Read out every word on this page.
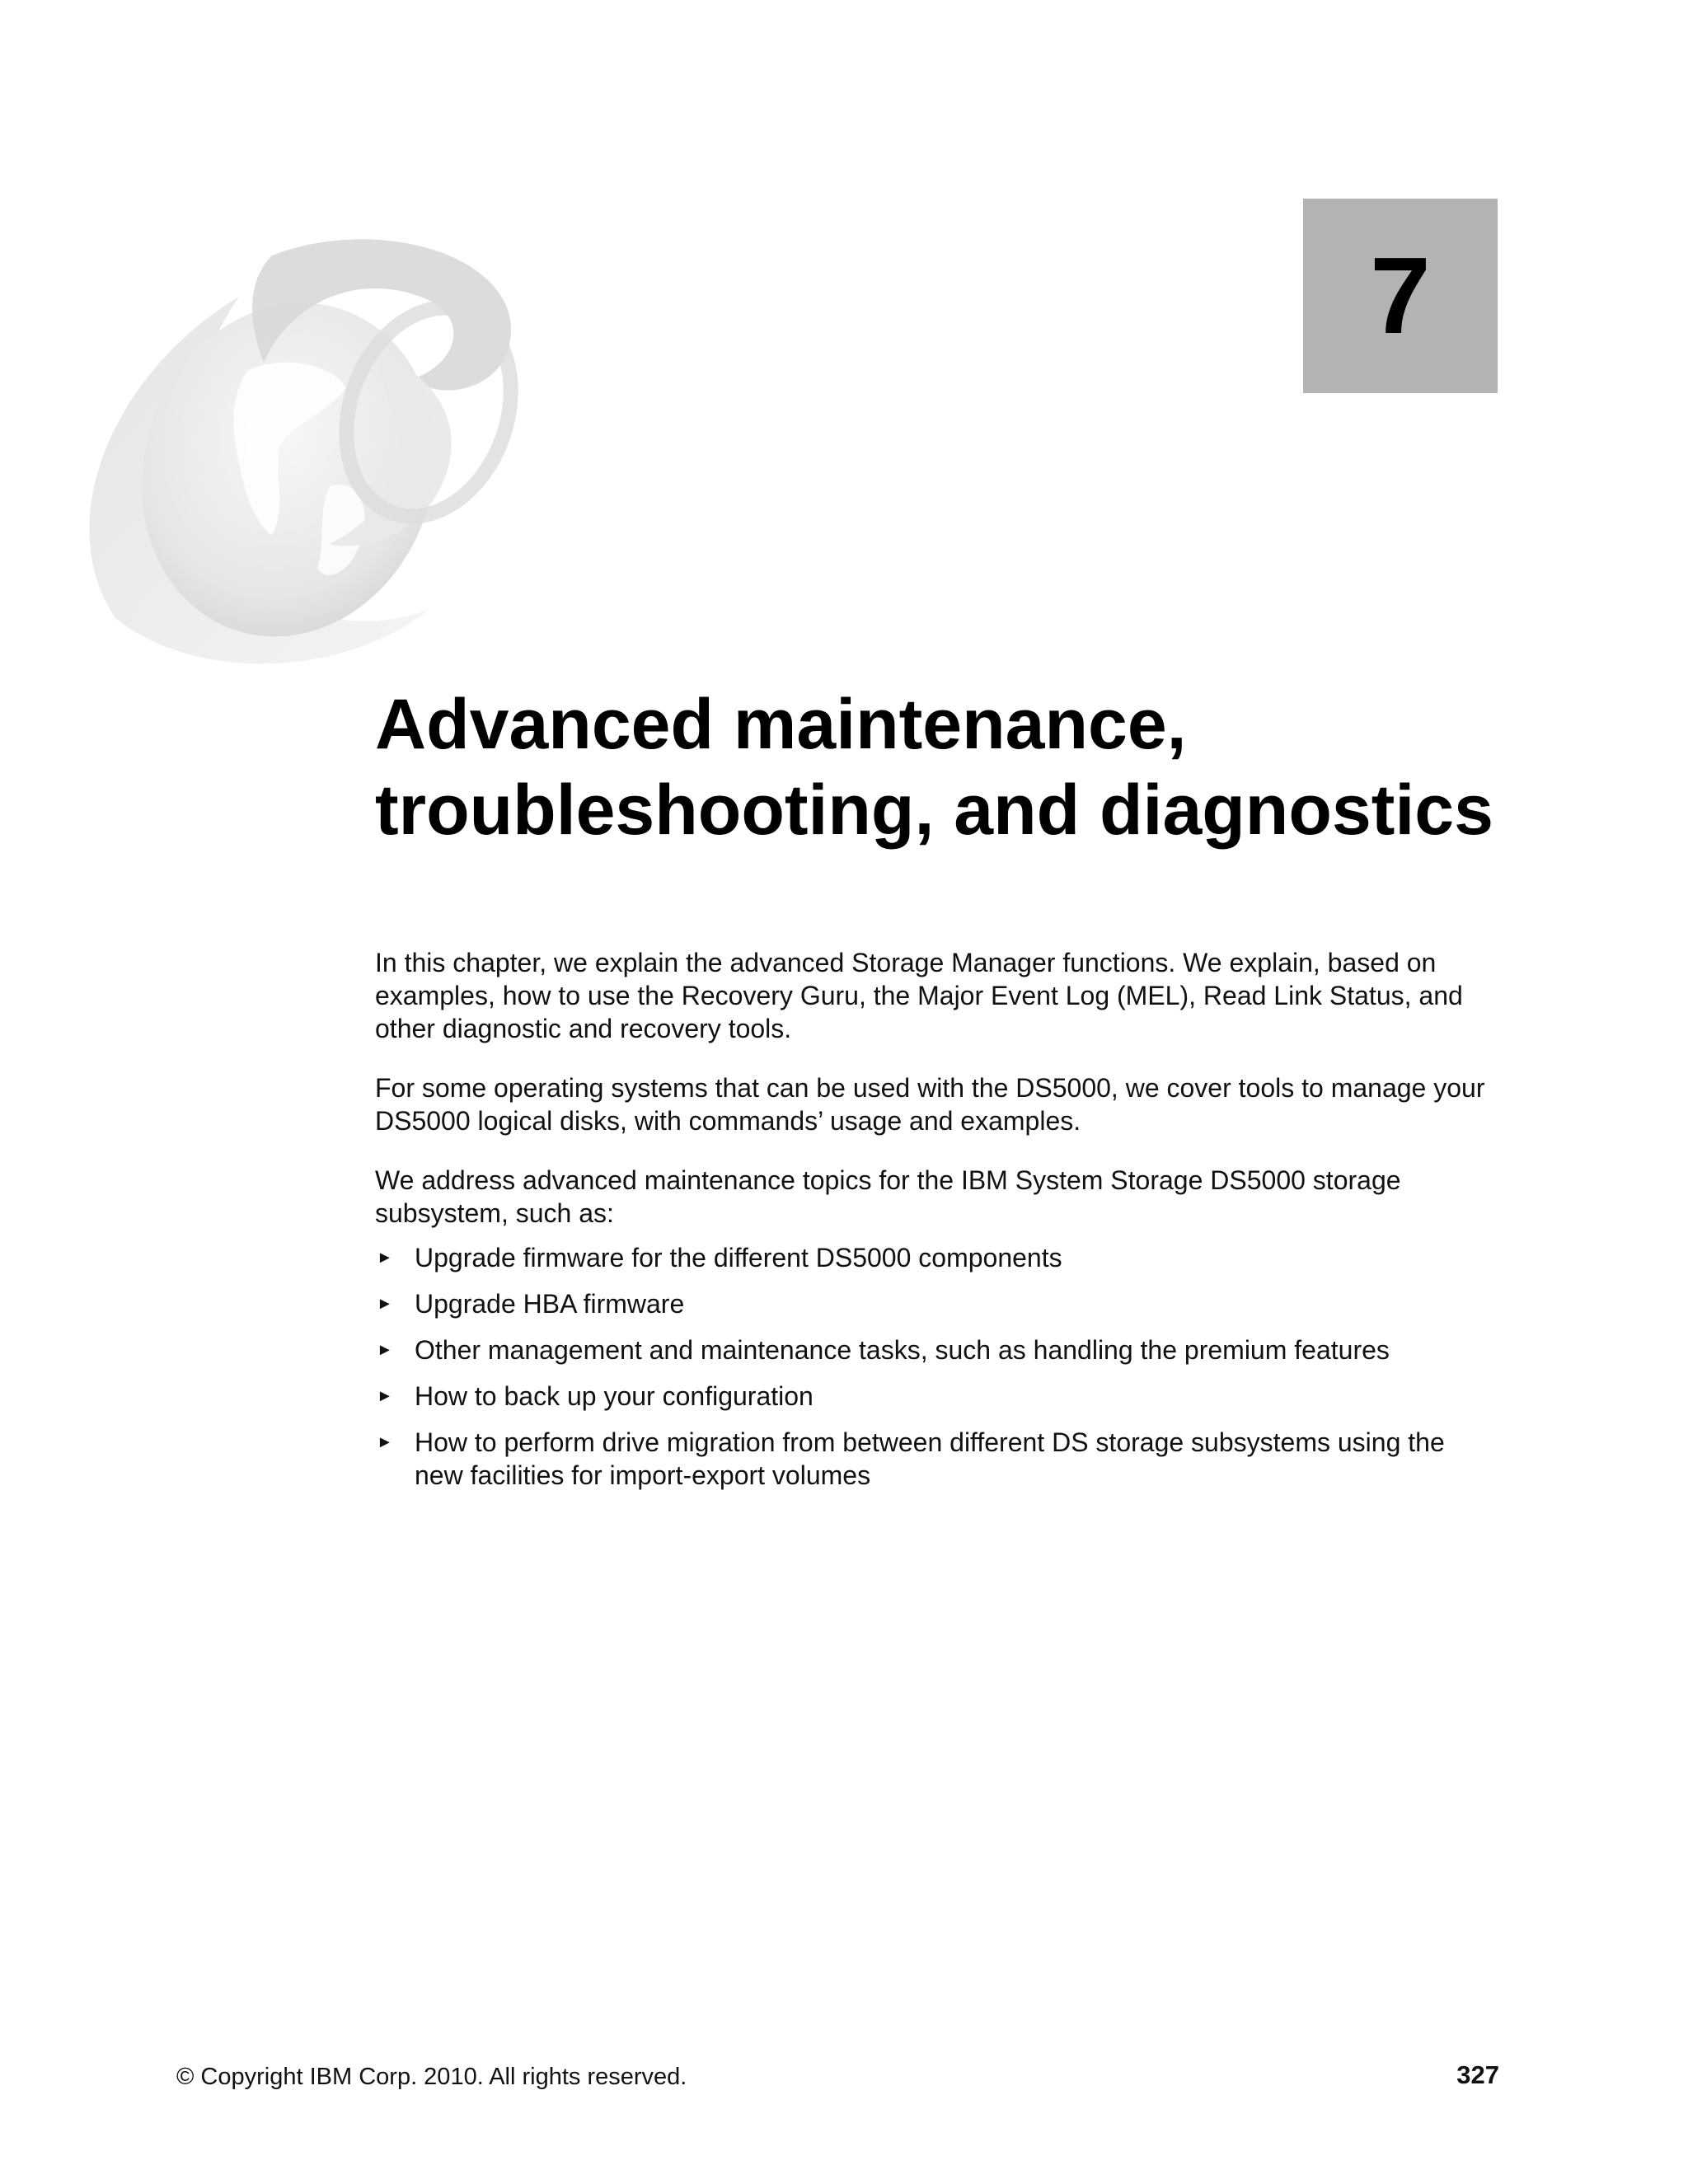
7
Advanced maintenance,
troubleshooting, and diagnostics

In this chapter, we explain the advanced Storage Manager functions. We explain, based on examples, how to use the Recovery Guru, the Major Event Log (MEL), Read Link Status, and other diagnostic and recovery tools.

For some operating systems that can be used with the DS5000, we cover tools to manage your DS5000 logical disks, with commands’ usage and examples.

We address advanced maintenance topics for the IBM System Storage DS5000 storage subsystem, such as:

► Upgrade firmware for the different DS5000 components
► Upgrade HBA firmware
► Other management and maintenance tasks, such as handling the premium features
► How to back up your configuration
► How to perform drive migration from between different DS storage subsystems using the new facilities for import-export volumes
© Copyright IBM Corp. 2010. All rights reserved.	327
